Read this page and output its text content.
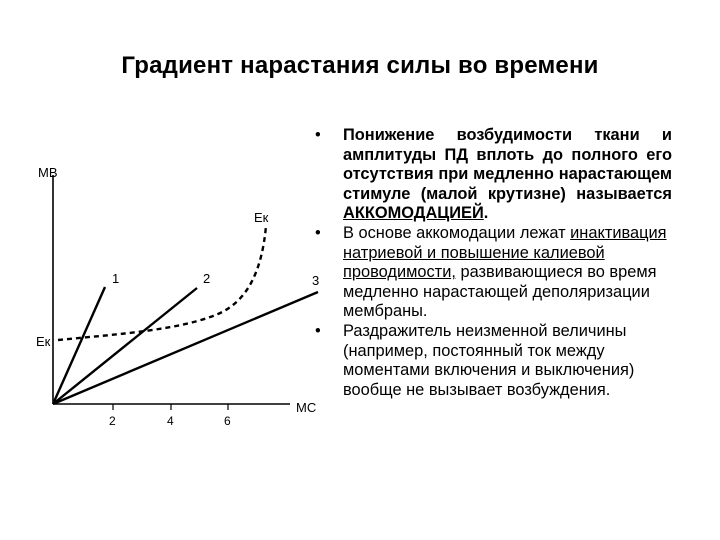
Градиент нарастания силы во времени
МВ
МС
Ек
Ек
1	2	3
2	4	6
• Понижение возбудимости ткани и амплитуды ПД вплоть до полного его отсутствия при медленно нарастающем стимуле (малой крутизне) называется АККОМОДАЦИЕЙ.
• В основе аккомодации лежат инактивация натриевой и повышение калиевой проводимости, развивающиеся во время медленно нарастающей деполяризации мембраны.
• Раздражитель неизменной величины (например, постоянный ток между моментами включения и выключения) вообще не вызывает возбуждения.
